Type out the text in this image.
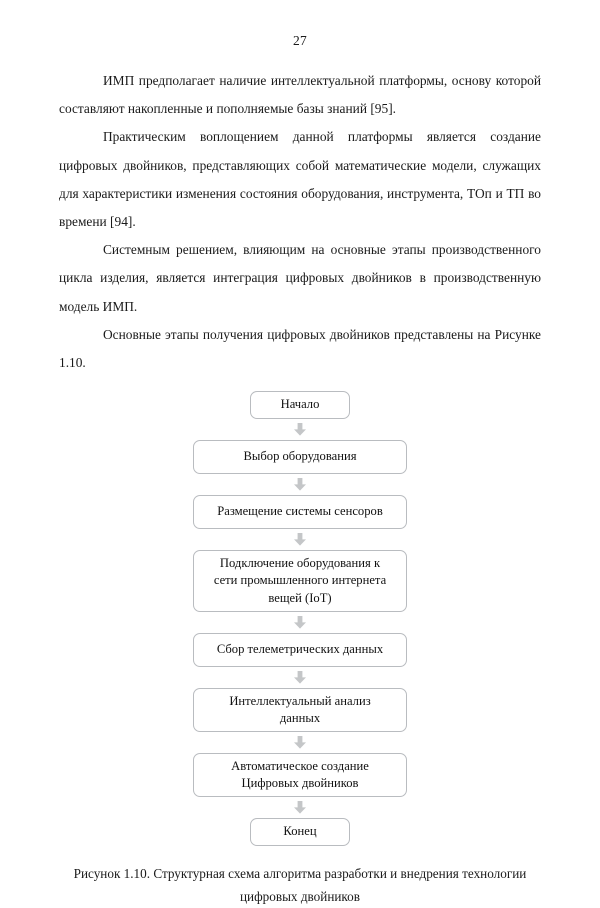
27

ИМП предполагает наличие интеллектуальной платформы, основу которой составляют накопленные и пополняемые базы знаний [95].

Практическим воплощением данной платформы является создание цифровых двойников, представляющих собой математические модели, служащих для характеристики изменения состояния оборудования, инструмента, ТОп и ТП во времени [94].

Системным решением, влияющим на основные этапы производственного цикла изделия, является интеграция цифровых двойников в производственную модель ИМП.

Основные этапы получения цифровых двойников представлены на Рисунке 1.10.

Начало
Выбор оборудования
Размещение системы сенсоров
Подключение оборудования к
сети промышленного интернета
вещей (IoT)
Сбор телеметрических данных
Интеллектуальный анализ
данных
Автоматическое создание
Цифровых двойников
Конец
Рисунок 1.10. Структурная схема алгоритма разработки и внедрения технологии
цифровых двойников
